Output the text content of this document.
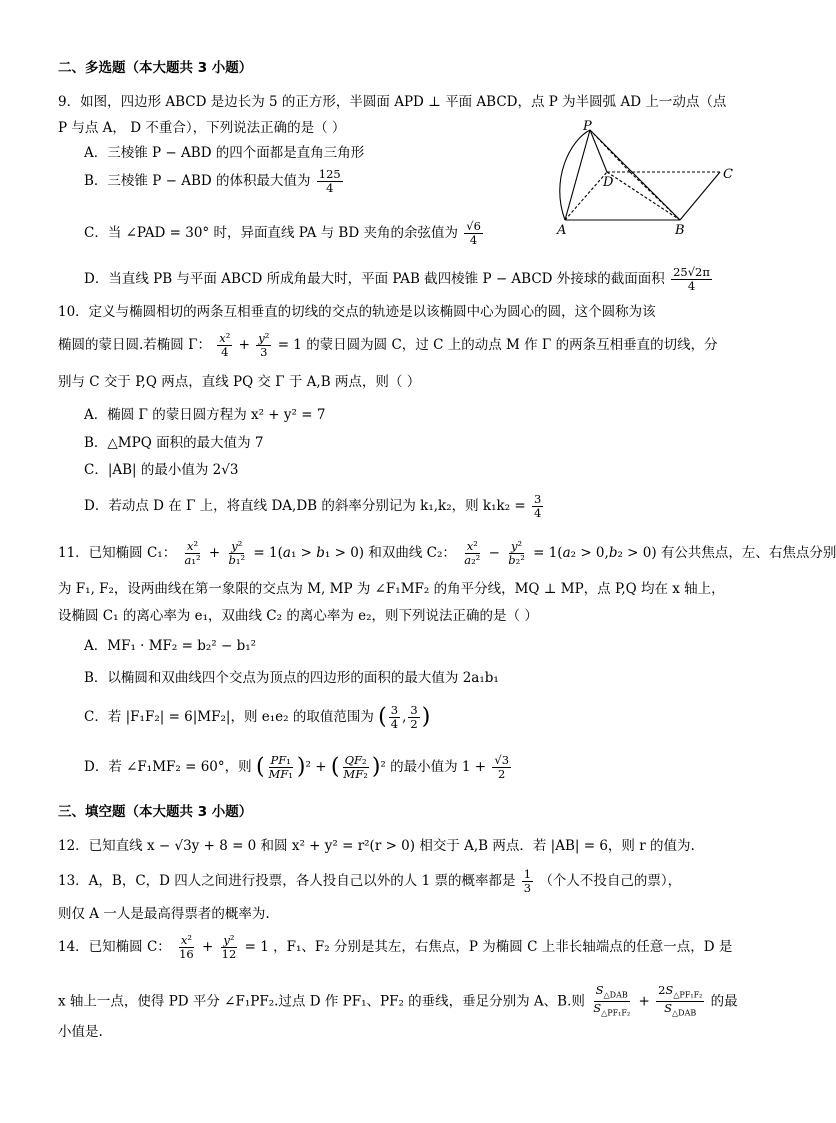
二、多选题（本大题共 3 小题）
9．如图，四边形 ABCD 是边长为 5 的正方形，半圆面 APD ⊥ 平面 ABCD，点 P 为半圆弧 AD 上一动点（点
P 与点 A， D 不重合），下列说法正确的是（ ）
A．三棱锥 P − ABD 的四个面都是直角三角形
B．三棱锥 P − ABD 的体积最大值为 $\frac{125}{4}$
C．当 ∠PAD = 30° 时，异面直线 PA 与 BD 夹角的余弦值为 $\frac{√6}{4}$
D．当直线 PB 与平面 ABCD 所成角最大时，平面 PAB 截四棱锥 P − ABCD 外接球的截面面积 $\frac{25√2\pi}{4}$
P
D
C
A	B
10．定义与椭圆相切的两条互相垂直的切线的交点的轨迹是以该椭圆中心为圆心的圆，这个圆称为该
椭圆的蒙日圆.若椭圆 Γ： $\frac{\text{x²}}{4} + \frac{\text{y²}}{3} = 1$ 的蒙日圆为圆 C，过 C 上的动点 M 作 Γ 的两条互相垂直的切线，分
别与 C 交于 P,Q 两点，直线 PQ 交 Γ 于 A,B 两点，则（ ）
A．椭圆 Γ 的蒙日圆方程为 x² + y² = 7
B．△MPQ 面积的最大值为 7
C．|AB| 的最小值为 2√3
D．若动点 D 在 Γ 上，将直线 DA,DB 的斜率分别记为 k₁,k₂，则 $k_1k_2 = \frac{3}{4}$
11．已知椭圆 C₁： $\frac{\text{x²}}{\text{a₁²}} + \frac{\text{y²}}{\text{b₁²}} = 1(a_1 > b_1 > 0)$ 和双曲线 C₂： $\frac{\text{x²}}{\text{a₂²}} - \frac{\text{y²}}{\text{b₂²}} = 1(a_2 > 0,b_2 > 0)$ 有公共焦点，左、右焦点分别
为 F₁, F₂，设两曲线在第一象限的交点为 M, MP 为 ∠F₁MF₂ 的角平分线，MQ ⊥ MP，点 P,Q 均在 x 轴上，
设椭圆 C₁ 的离心率为 e₁，双曲线 C₂ 的离心率为 e₂，则下列说法正确的是（ ）
A．MF₁ · MF₂ = b₂² − b₁²
B．以椭圆和双曲线四个交点为顶点的四边形的面积的最大值为 2a₁b₁
C．若 |F₁F₂| = 6|MF₂|，则 e₁e₂ 的取值范围为 ( $\frac{3}{4}$ , $\frac{3}{2}$ )
D．若 ∠F₁MF₂ = 60°，则 ( $\frac{\text{PF₁}}{\text{MF₁}} )^2$ + ( $\frac{\text{QF₂}}{\text{MF₂}} )^2$ 的最小值为 $1 + \frac{√3}{2}$
三、填空题（本大题共 3 小题）
12．已知直线 x − √3y + 8 = 0 和圆 x² + y² = r²(r > 0) 相交于 A,B 两点．若 |AB| = 6，则 r 的值为.
13．A，B，C，D 四人之间进行投票，各人投自己以外的人 1 票的概率都是 $\frac{1}{3}$ （个人不投自己的票），
则仅 A 一人是最高得票者的概率为.
14．已知椭圆 C： $\frac{\text{x²}}{16} + \frac{\text{y²}}{12} = 1$ ，F₁、F₂ 分别是其左，右焦点，P 为椭圆 C 上非长轴端点的任意一点，D 是
x 轴上一点，使得 PD 平分 ∠F₁PF₂.过点 D 作 PF₁、PF₂ 的垂线，垂足分别为 A、B.则 $\frac{S_{\triangle DAB}}{S_{\triangle PF_1F_2}} + \frac{2S_{\triangle PF_1F_2}}{S_{\triangle DAB}}$ 的最
小值是.
